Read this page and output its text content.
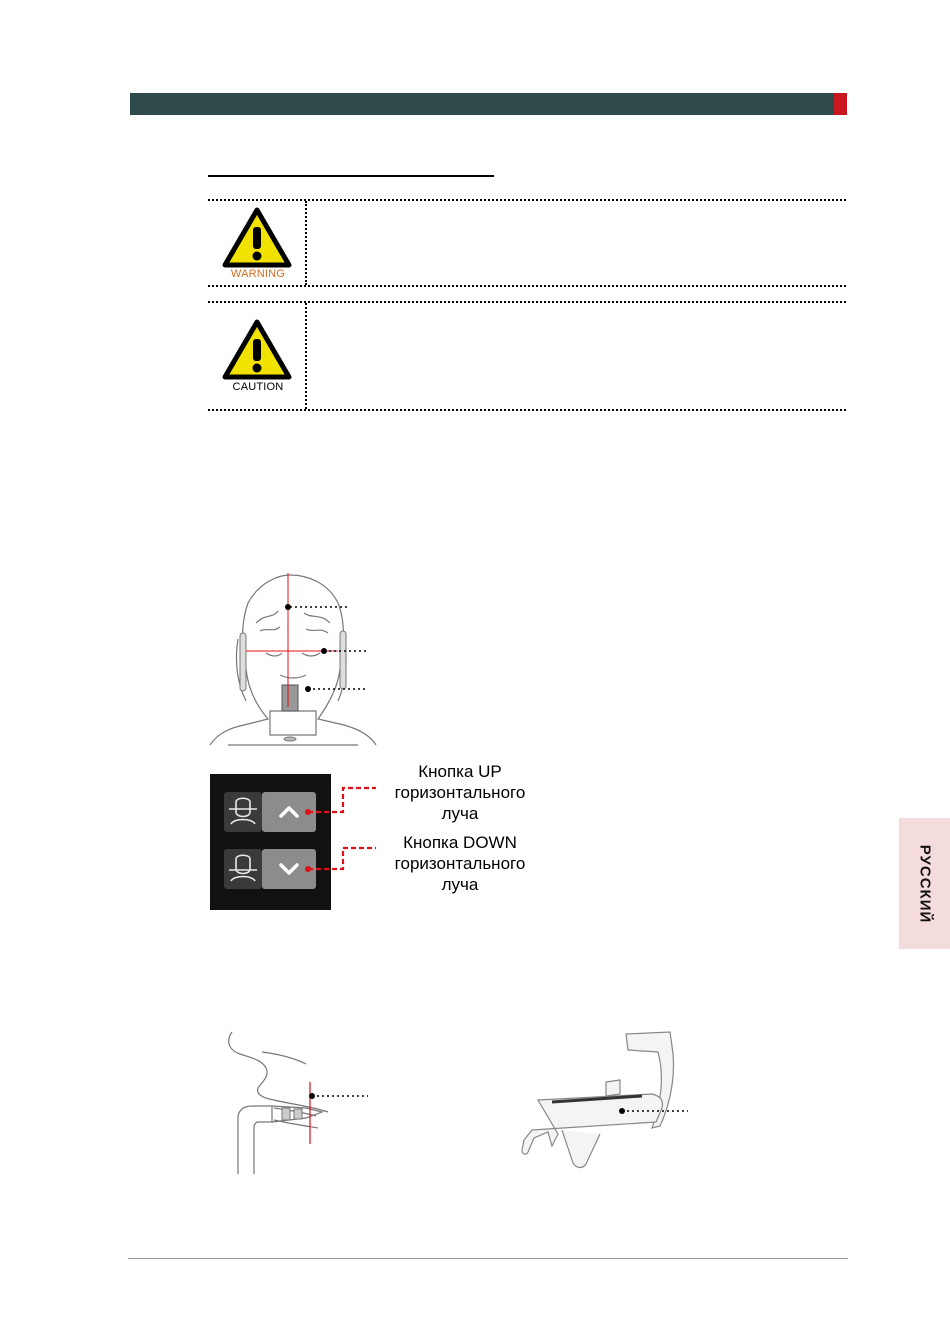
WARNING
CAUTION
Кнопка UP
горизонтального
луча
Кнопка DOWN
горизонтального
луча	РУССКИЙ
